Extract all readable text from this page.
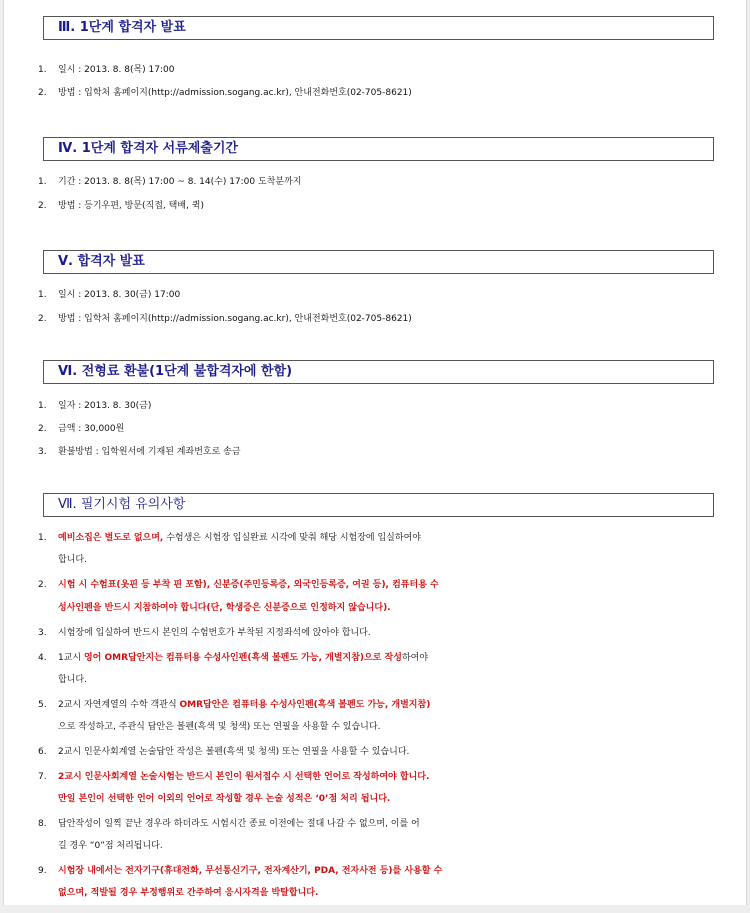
Ⅲ. 1단계 합격자 발표
1. 일시 : 2013. 8. 8(목) 17:00
2. 방법 : 입학처 홈페이지(http://admission.sogang.ac.kr), 안내전화번호(02-705-8621)
Ⅳ. 1단계 합격자 서류제출기간
1. 기간 : 2013. 8. 8(목) 17:00 ~ 8. 14(수) 17:00 도착분까지
2. 방법 : 등기우편, 방문(직접, 택배, 퀵)
Ⅴ. 합격자 발표
1. 일시 : 2013. 8. 30(금) 17:00
2. 방법 : 입학처 홈페이지(http://admission.sogang.ac.kr), 안내전화번호(02-705-8621)
Ⅵ. 전형료 환불(1단계 불합격자에 한함)
1. 일자 : 2013. 8. 30(금)
2. 금액 : 30,000원
3. 환불방법 : 입학원서에 기재된 계좌번호로 송금
Ⅶ. 필기시험 유의사항
1. 예비소집은 별도로 없으며, 수험생은 시험장 입실완료 시각에 맞춰 해당 시험장에 입실하여야
합니다.
2. 시험 시 수험표(옷핀 등 부착 핀 포함), 신분증(주민등록증, 외국인등록증, 여권 등), 컴퓨터용 수
성사인펜을 반드시 지참하여야 합니다(단, 학생증은 신분증으로 인정하지 않습니다).
3. 시험장에 입실하여 반드시 본인의 수험번호가 부착된 지정좌석에 앉아야 합니다.
4. 1교시 영어 OMR답안지는 컴퓨터용 수성사인펜(흑색 볼펜도 가능, 개별지참)으로 작성하여야
합니다.
5. 2교시 자연계열의 수학 객관식 OMR답안은 컴퓨터용 수성사인펜(흑색 볼펜도 가능, 개별지참)
으로 작성하고, 주관식 답안은 볼펜(흑색 및 청색) 또는 연필을 사용할 수 있습니다.
6. 2교시 인문사회계열 논술답안 작성은 볼펜(흑색 및 청색) 또는 연필을 사용할 수 있습니다.
7. 2교시 인문사회계열 논술시험는 반드시 본인이 원서접수 시 선택한 언어로 작성하여야 합니다.
만일 본인이 선택한 언어 이외의 언어로 작성할 경우 논술 성적은 ‘0’점 처리 됩니다.
8. 답안작성이 일찍 끝난 경우라 하더라도 시험시간 종료 이전에는 절대 나갈 수 없으며, 이를 어
길 경우 “0”점 처리됩니다.
9. 시험장 내에서는 전자기구(휴대전화, 무선통신기구, 전자계산기, PDA, 전자사전 등)를 사용할 수
없으며, 적발될 경우 부정행위로 간주하여 응시자격을 박탈합니다.
